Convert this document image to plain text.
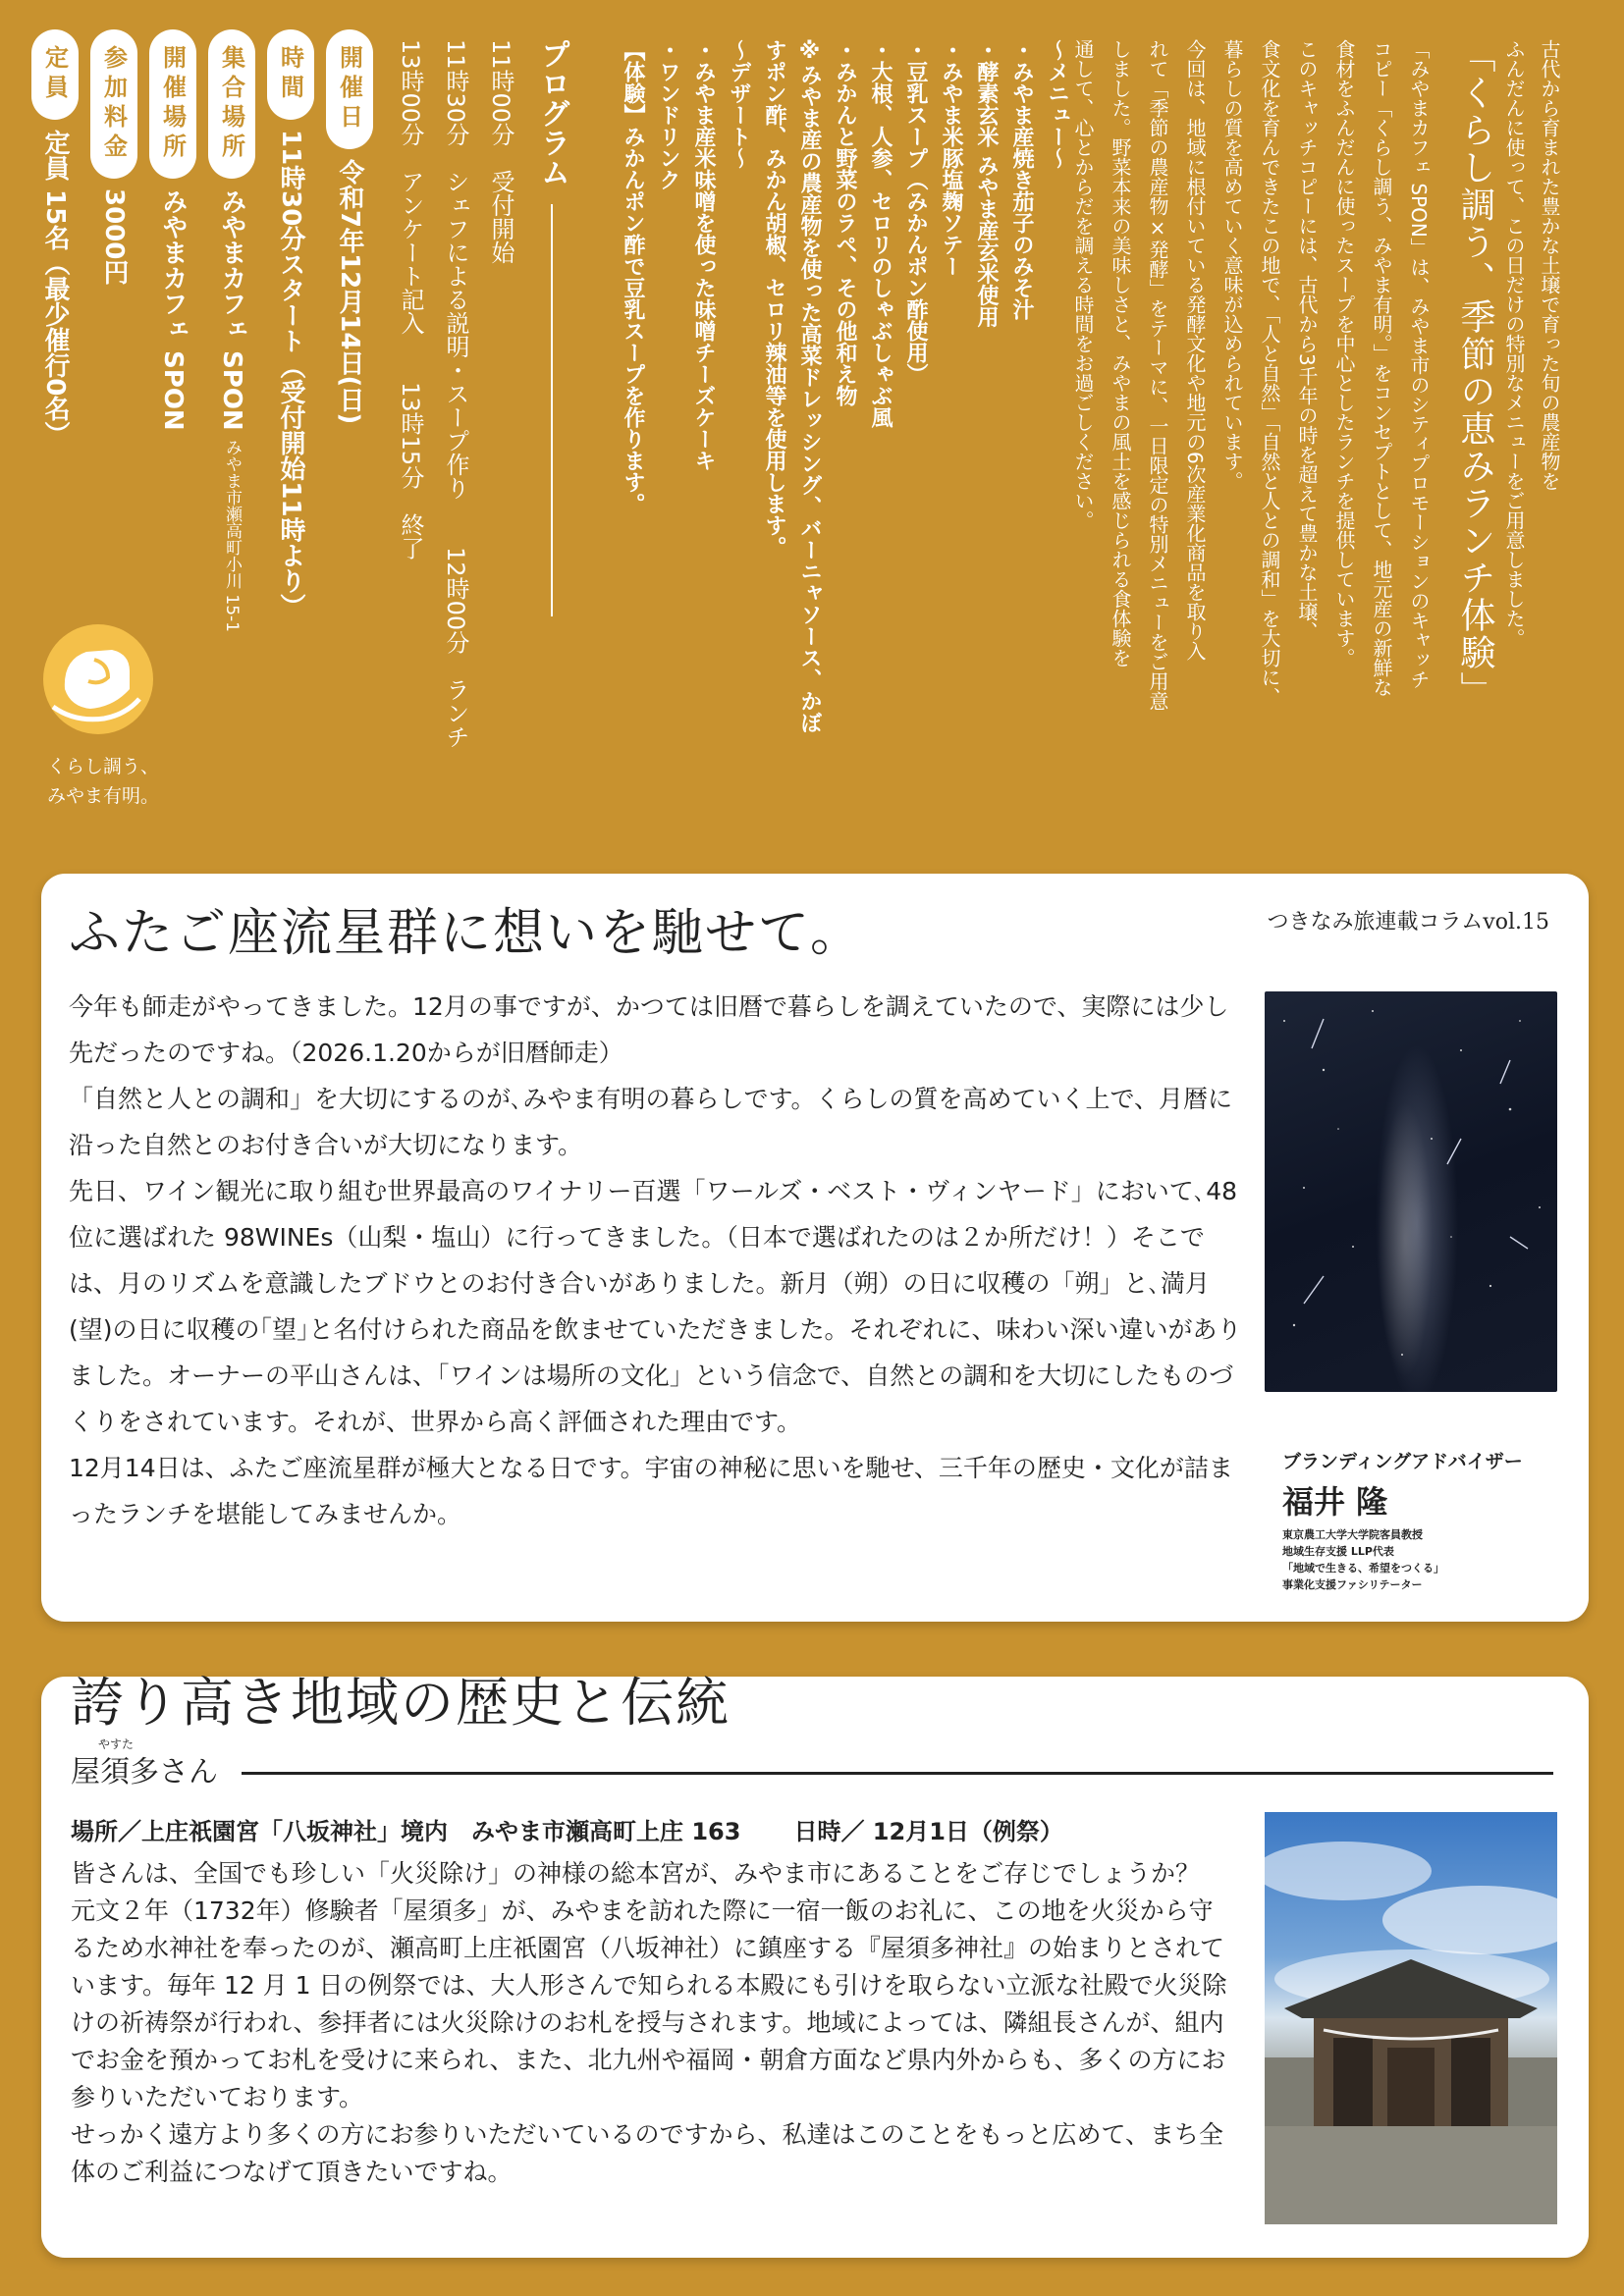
古代から育まれた豊かな土壌で育った旬の農産物を
ふんだんに使って、この日だけの特別なメニューをご用意しました。
「くらし調う、季節の恵みランチ体験」
「みやまカフェ SPON」は、みやま市のシティプロモーションのキャッチ
コピー「くらし調う、みやま有明。」をコンセプトとして、地元産の新鮮な
食材をふんだんに使ったスープを中心としたランチを提供しています。
このキャッチコピーには、古代から3千年の時を超えて豊かな土壌、
食文化を育んできたこの地で、「人と自然」「自然と人との調和」を大切に、
暮らしの質を高めていく意味が込められています。
今回は、地域に根付いている発酵文化や地元の6次産業化商品を取り入
れて「季節の農産物×発酵」をテーマに、一日限定の特別メニューをご用意
しました。野菜本来の美味しさと、みやまの風土を感じられる食体験を
通して、心とからだを調える時間をお過ごしください。
〜メニュー〜
・みやま産焼き茄子のみそ汁
・酵素玄米 みやま産玄米使用
・みやま米豚塩麹ソテー
・豆乳スープ（みかんポン酢使用）
・大根、人参、セロリのしゃぶしゃぶ風
・みかんと野菜のラペ、その他和え物
※みやま産の農産物を使った高菜ドレッシング、バーニャソース、かぼ
すポン酢、みかん胡椒、セロリ辣油等を使用します。
〜デザート〜
・みやま産米味噌を使った味噌チーズケーキ
・ワンドリンク
【体験】みかんポン酢で豆乳スープを作ります。
プログラム
11時00分　受付開始
11時30分　シェフによる説明・スープ作り　　12時00分　ランチ
13時00分　アンケート記入　　13時15分　終了
開催日
令和7年12月14日(日)
時間
11時30分スタート（受付開始11時より）
集合場所
みやまカフェ SPONみやま市瀬高町小川 15-1
開催場所
みやまカフェ SPON
参加料金
3000円
定員
定員 15名（最少催行0名）
くらし調う、
みやま有明。
ふたご座流星群に想いを馳せて。	つきなみ旅連載コラムvol.15

今年も師走がやってきました。12月の事ですが、かつては旧暦で暮らしを調えていたので、実際には少し先だったのですね。（2026.1.20からが旧暦師走）

「自然と人との調和」を大切にするのが､みやま有明の暮らしです。くらしの質を高めていく上で、月暦に沿った自然とのお付き合いが大切になります。

先日、ワイン観光に取り組む世界最高のワイナリー百選「ワールズ・ベスト・ヴィンヤード」において､48位に選ばれた 98WINEs（山梨・塩山）に行ってきました。（日本で選ばれたのは２か所だけ！）そこでは、月のリズムを意識したブドウとのお付き合いがありました。新月（朔）の日に収穫の「朔」と､満月(望)の日に収穫の｢望｣と名付けられた商品を飲ませていただきました。それぞれに、味わい深い違いがありました。オーナーの平山さんは、「ワインは場所の文化」という信念で、自然との調和を大切にしたものづくりをされています。それが、世界から高く評価された理由です。

12月14日は、ふたご座流星群が極大となる日です。宇宙の神秘に思いを馳せ、三千年の歴史・文化が詰まったランチを堪能してみませんか。

ブランディングアドバイザー
福井 隆
東京農工大学大学院客員教授
地域生存支援 LLP代表
「地域で生きる、希望をつくる」
事業化支援ファシリテーター
誇り高き地域の歴史と伝統
やすた
屋須多さん
場所／上庄祇園宮「八坂神社」境内　みやま市瀬高町上庄 163 日時／ 12月1日（例祭）

皆さんは、全国でも珍しい「火災除け」の神様の総本宮が、みやま市にあることをご存じでしょうか？

元文２年（1732年）修験者「屋須多」が、みやまを訪れた際に一宿一飯のお礼に、この地を火災から守るため水神社を奉ったのが、瀬高町上庄祇園宮（八坂神社）に鎮座する『屋須多神社』の始まりとされています。毎年 12 月 1 日の例祭では、大人形さんで知られる本殿にも引けを取らない立派な社殿で火災除けの祈祷祭が行われ、参拝者には火災除けのお札を授与されます。地域によっては、隣組長さんが、組内でお金を預かってお札を受けに来られ、また、北九州や福岡・朝倉方面など県内外からも、多くの方にお参りいただいております。

せっかく遠方より多くの方にお参りいただいているのですから、私達はこのことをもっと広めて、まち全体のご利益につなげて頂きたいですね。
